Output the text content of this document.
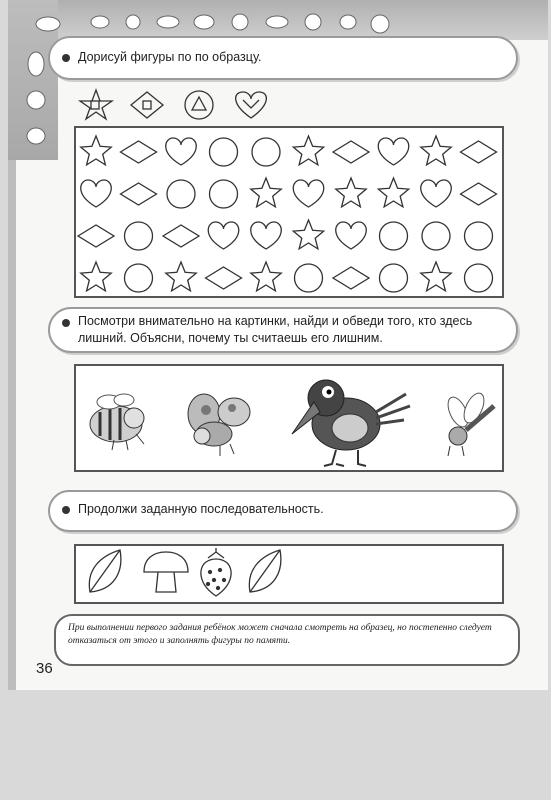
Дорисуй фигуры по по образцу.
Посмотри внимательно на картинки, найди и обведи того, кто здесь лишний. Объясни, почему ты считаешь его лишним.
Продолжи заданную последовательность.
При выполнении первого задания ребёнок может сначала смотреть на образец, но постепенно следует отказаться от этого и заполнять фигуры по памяти.
36
